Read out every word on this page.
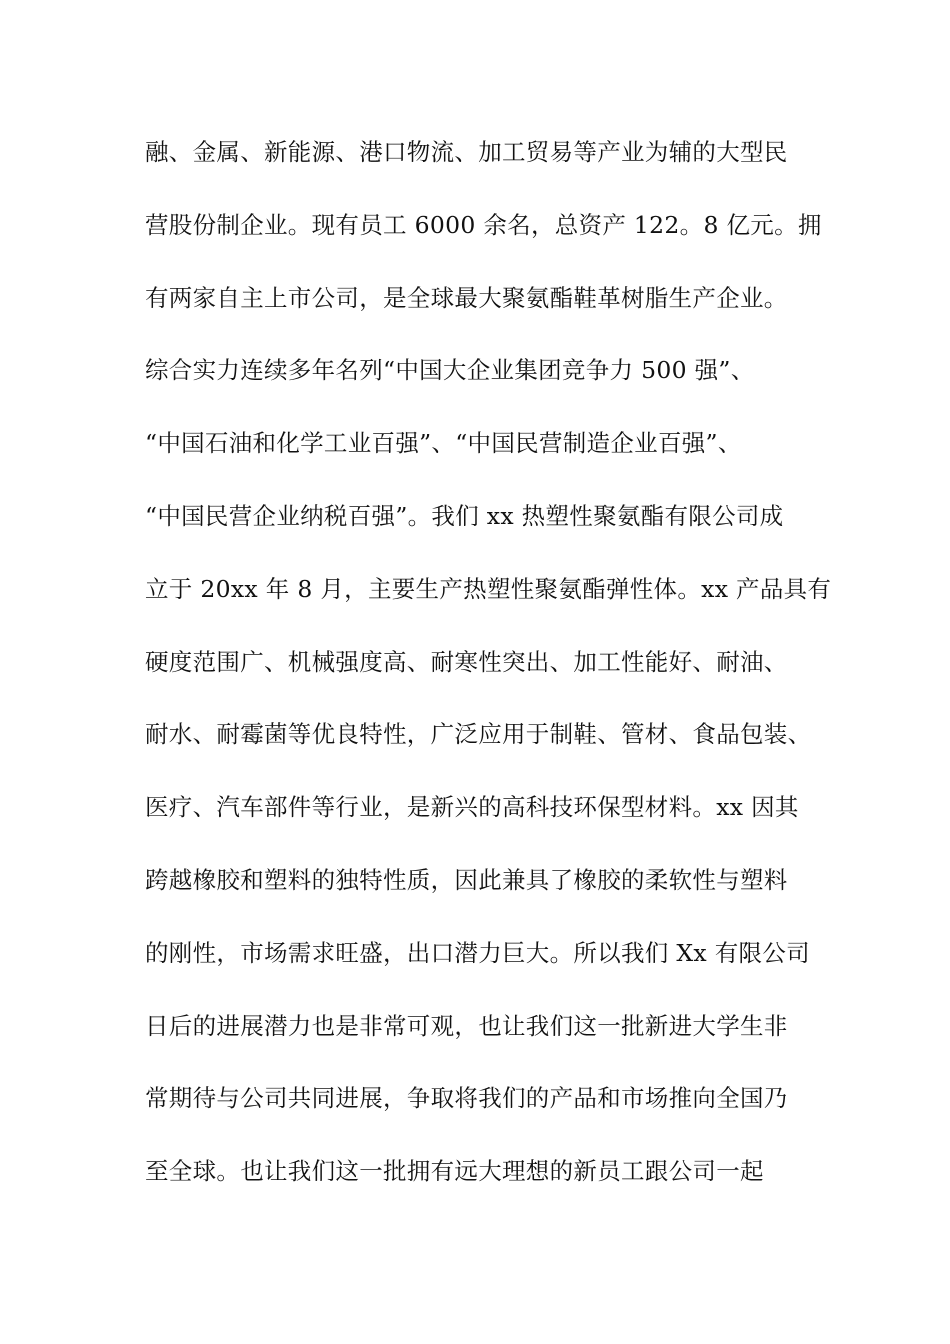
融、金属、新能源、港口物流、加工贸易等产业为辅的大型民
营股份制企业。现有员工 6000 余名，总资产 122。8 亿元。拥
有两家自主上市公司，是全球最大聚氨酯鞋革树脂生产企业。
综合实力连续多年名列“中国大企业集团竞争力 500 强”、
“中国石油和化学工业百强”、“中国民营制造企业百强”、
“中国民营企业纳税百强”。我们 xx 热塑性聚氨酯有限公司成
立于 20xx 年 8 月，主要生产热塑性聚氨酯弹性体。xx 产品具有
硬度范围广、机械强度高、耐寒性突出、加工性能好、耐油、
耐水、耐霉菌等优良特性，广泛应用于制鞋、管材、食品包装、
医疗、汽车部件等行业，是新兴的高科技环保型材料。xx 因其
跨越橡胶和塑料的独特性质，因此兼具了橡胶的柔软性与塑料
的刚性，市场需求旺盛，出口潜力巨大。所以我们 Xx 有限公司
日后的进展潜力也是非常可观，也让我们这一批新进大学生非
常期待与公司共同进展，争取将我们的产品和市场推向全国乃
至全球。也让我们这一批拥有远大理想的新员工跟公司一起
